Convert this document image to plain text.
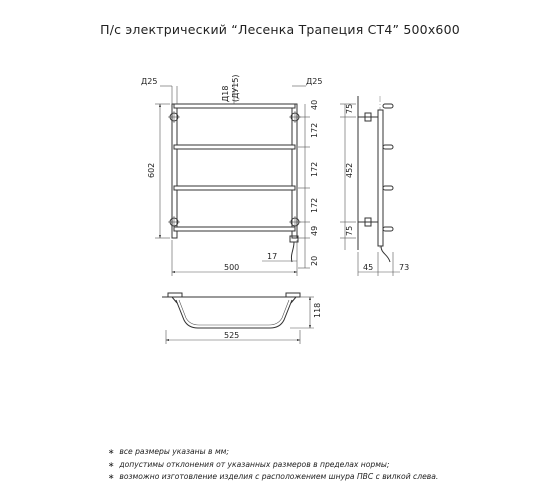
П/с электрический “Лесенка Трапеция СТ4” 500x600
Д25
Д18 (ДУ15)	Д25
602
40
172
172
172
49
20
500
17
75
452
75
45	73
118
525
∗ все размеры указаны в мм;
∗ допустимы отклонения от указанных размеров в пределах нормы;
∗ возможно изготовление изделия с расположением шнура ПВС с вилкой слева.
